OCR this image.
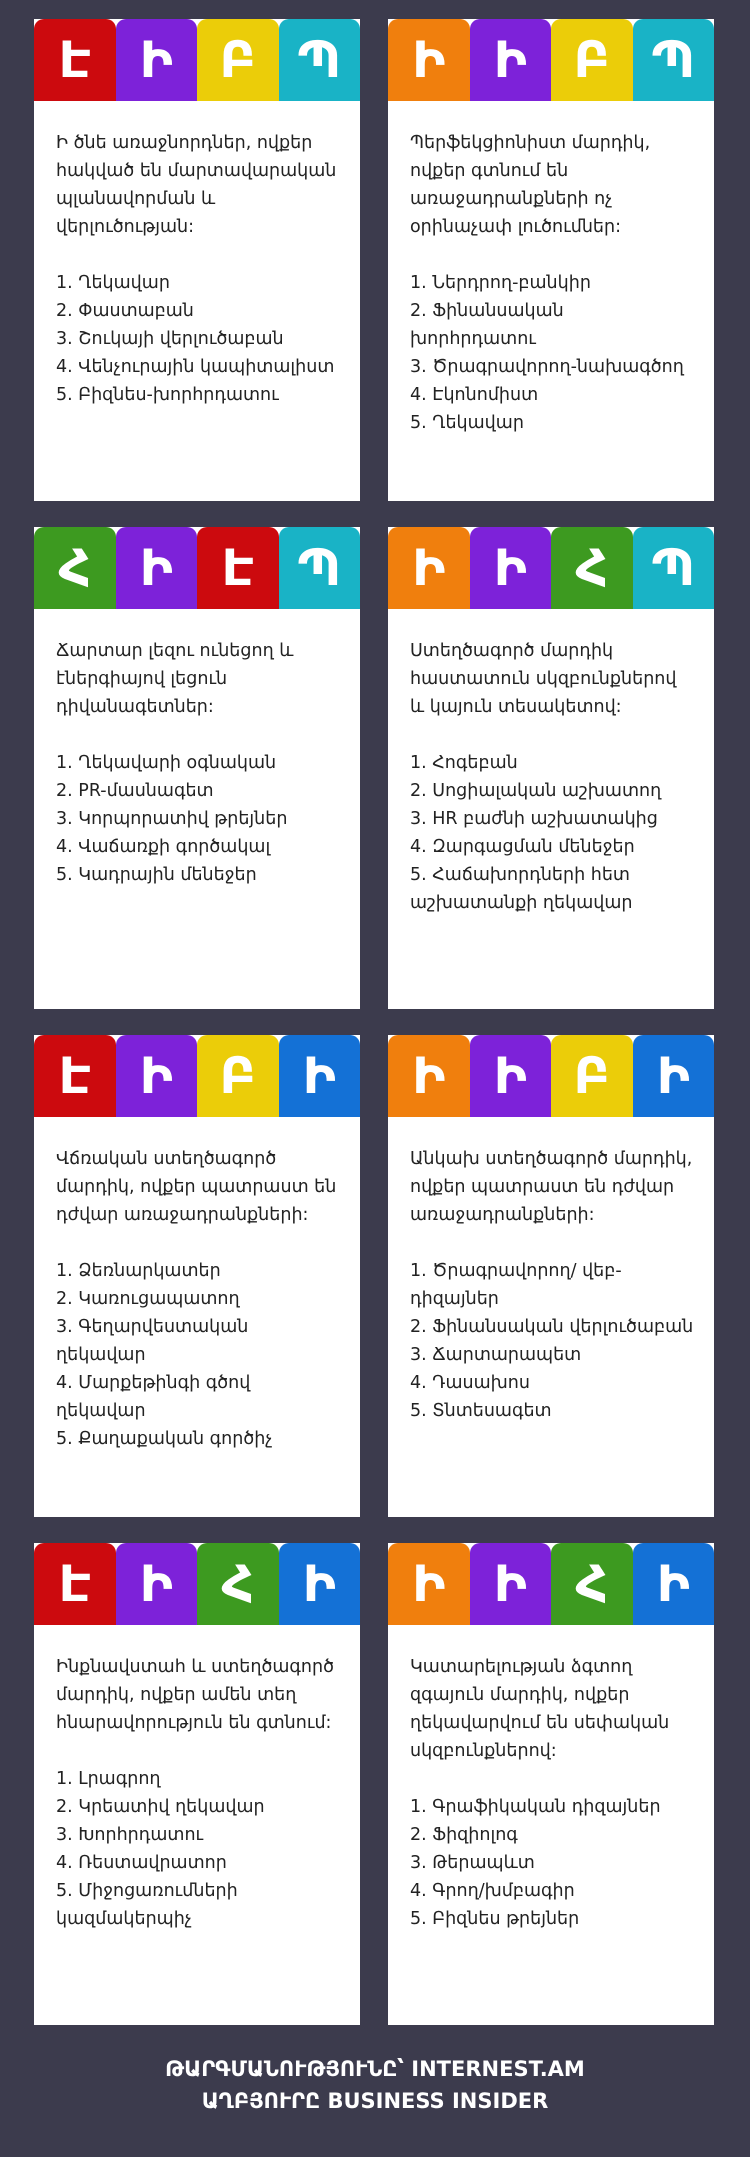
Է Ի Բ Պ

Ի ծնե առաջնորդներ, ովքեր հակված են մարտավարական պլանավորման և վերլուծության:

1. Ղեկավար
2. Փաստաբան
3. Շուկայի վերլուծաբան
4. Վենչուրային կապիտալիստ
5. Բիզնես-խորհրդատու
Ի Ի Բ Պ

Պերֆեկցիոնիստ մարդիկ, ովքեր գտնում են առաջադրանքների ոչ օրինաչափ լուծումներ:

1. Ներդրող-բանկիր
2. Ֆինանսական խորհրդատու
3. Ծրագրավորող-նախագծող
4. Էկոնոմիստ
5. Ղեկավար
Հ Ի Է Պ

Ճարտար լեզու ունեցող և էներգիայով լեցուն դիվանագետներ:

1. Ղեկավարի օգնական
2. PR-մասնագետ
3. Կորպորատիվ թրեյներ
4. Վաճառքի գործակալ
5. Կադրային մենեջեր
Ի Ի Հ Պ

Ստեղծագործ մարդիկ հաստատուն սկզբունքներով և կայուն տեսակետով:

1. Հոգեբան
2. Սոցիալական աշխատող
3. HR բաժնի աշխատակից
4. Զարգացման մենեջեր
5. Հաճախորդների հետ աշխատանքի ղեկավար
Է Ի Բ Ի

Վճռական ստեղծագործ մարդիկ, ովքեր պատրաստ են դժվար առաջադրանքների:

1. Ձեռնարկատեր
2. Կառուցապատող
3. Գեղարվեստական ղեկավար
4. Մարքեթինգի գծով ղեկավար
5. Քաղաքական գործիչ
Ի Ի Բ Ի

Անկախ ստեղծագործ մարդիկ, ովքեր պատրաստ են դժվար առաջադրանքների:

1. Ծրագրավորող/ վեբ-դիզայներ
2. Ֆինանսական վերլուծաբան
3. Ճարտարապետ
4. Դասախոս
5. Տնտեսագետ
Է Ի Հ Ի

Ինքնավստահ և ստեղծագործ մարդիկ, ովքեր ամեն տեղ հնարավորություն են գտնում:

1. Լրագրող
2. Կրեատիվ ղեկավար
3. Խորհրդատու
4. Ռեստավրատոր
5. Միջոցառումների կազմակերպիչ
Ի Ի Հ Ի

Կատարելության ձգտող զգայուն մարդիկ, ովքեր ղեկավարվում են սեփական սկզբունքներով:

1. Գրաֆիկական դիզայներ
2. Ֆիզիոլոգ
3. Թերապևտ
4. Գրող/խմբագիր
5. Բիզնես թրեյներ
ԹԱՐԳՄԱՆՈՒԹՅՈՒՆԸ՝ INTERNEST.AM
ԱՂԲՅՈՒՐԸ BUSINESS INSIDER
